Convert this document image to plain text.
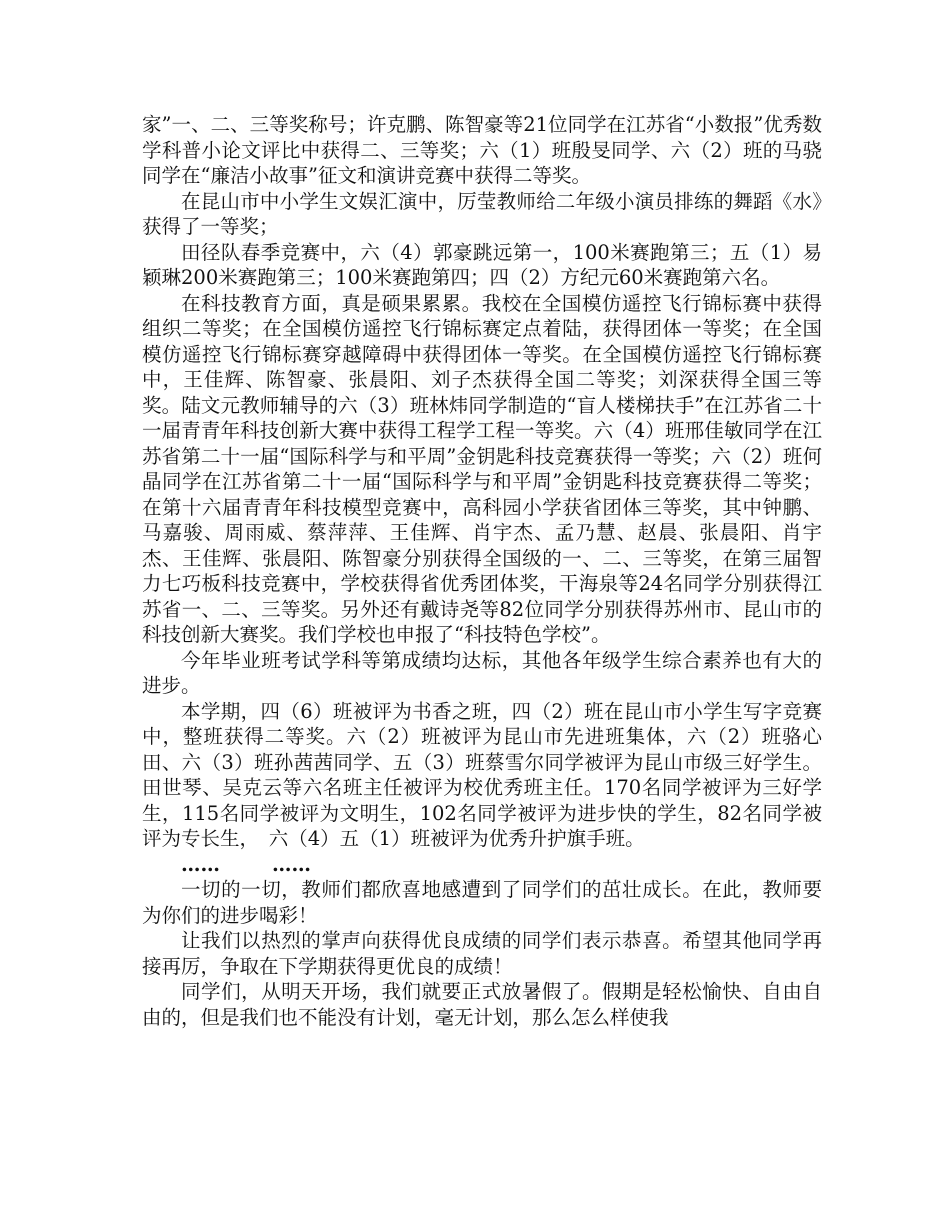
家”一、二、三等奖称号；许克鹏、陈智豪等21位同学在江苏省“小数报”优秀数学科普小论文评比中获得二、三等奖；六（1）班殷旻同学、六（2）班的马骁同学在“廉洁小故事”征文和演讲竞赛中获得二等奖。

在昆山市中小学生文娱汇演中，厉莹教师给二年级小演员排练的舞蹈《水》获得了一等奖；

田径队春季竞赛中，六（4）郭豪跳远第一，100米赛跑第三；五（1）易颖琳200米赛跑第三；100米赛跑第四；四（2）方纪元60米赛跑第六名。

在科技教育方面，真是硕果累累。我校在全国模仿遥控飞行锦标赛中获得组织二等奖；在全国模仿遥控飞行锦标赛定点着陆，获得团体一等奖；在全国模仿遥控飞行锦标赛穿越障碍中获得团体一等奖。在全国模仿遥控飞行锦标赛中，王佳辉、陈智豪、张晨阳、刘子杰获得全国二等奖；刘深获得全国三等奖。陆文元教师辅导的六（3）班林炜同学制造的“盲人楼梯扶手”在江苏省二十一届青青年科技创新大赛中获得工程学工程一等奖。六（4）班邢佳敏同学在江苏省第二十一届“国际科学与和平周”金钥匙科技竞赛获得一等奖；六（2）班何晶同学在江苏省第二十一届“国际科学与和平周”金钥匙科技竞赛获得二等奖；在第十六届青青年科技模型竞赛中，高科园小学获省团体三等奖，其中钟鹏、马嘉骏、周雨威、蔡萍萍、王佳辉、肖宇杰、孟乃慧、赵晨、张晨阳、肖宇杰、王佳辉、张晨阳、陈智豪分别获得全国级的一、二、三等奖，在第三届智力七巧板科技竞赛中，学校获得省优秀团体奖，干海泉等24名同学分别获得江苏省一、二、三等奖。另外还有戴诗尧等82位同学分别获得苏州市、昆山市的科技创新大赛奖。我们学校也申报了“科技特色学校”。

今年毕业班考试学科等第成绩均达标，其他各年级学生综合素养也有大的进步。

本学期，四（6）班被评为书香之班，四（2）班在昆山市小学生写字竞赛中，整班获得二等奖。六（2）班被评为昆山市先进班集体，六（2）班骆心田、六（3）班孙茜茜同学、五（3）班蔡雪尔同学被评为昆山市级三好学生。田世琴、吴克云等六名班主任被评为校优秀班主任。170名同学被评为三好学生，115名同学被评为文明生，102名同学被评为进步快的学生，82名同学被评为专长生，　六（4）五（1）班被评为优秀升护旗手班。

……	……

一切的一切，教师们都欣喜地感遭到了同学们的茁壮成长。在此，教师要为你们的进步喝彩！

让我们以热烈的掌声向获得优良成绩的同学们表示恭喜。希望其他同学再接再厉，争取在下学期获得更优良的成绩！

同学们，从明天开场，我们就要正式放暑假了。假期是轻松愉快、自由自由的，但是我们也不能没有计划，毫无计划，那么怎么样使我
